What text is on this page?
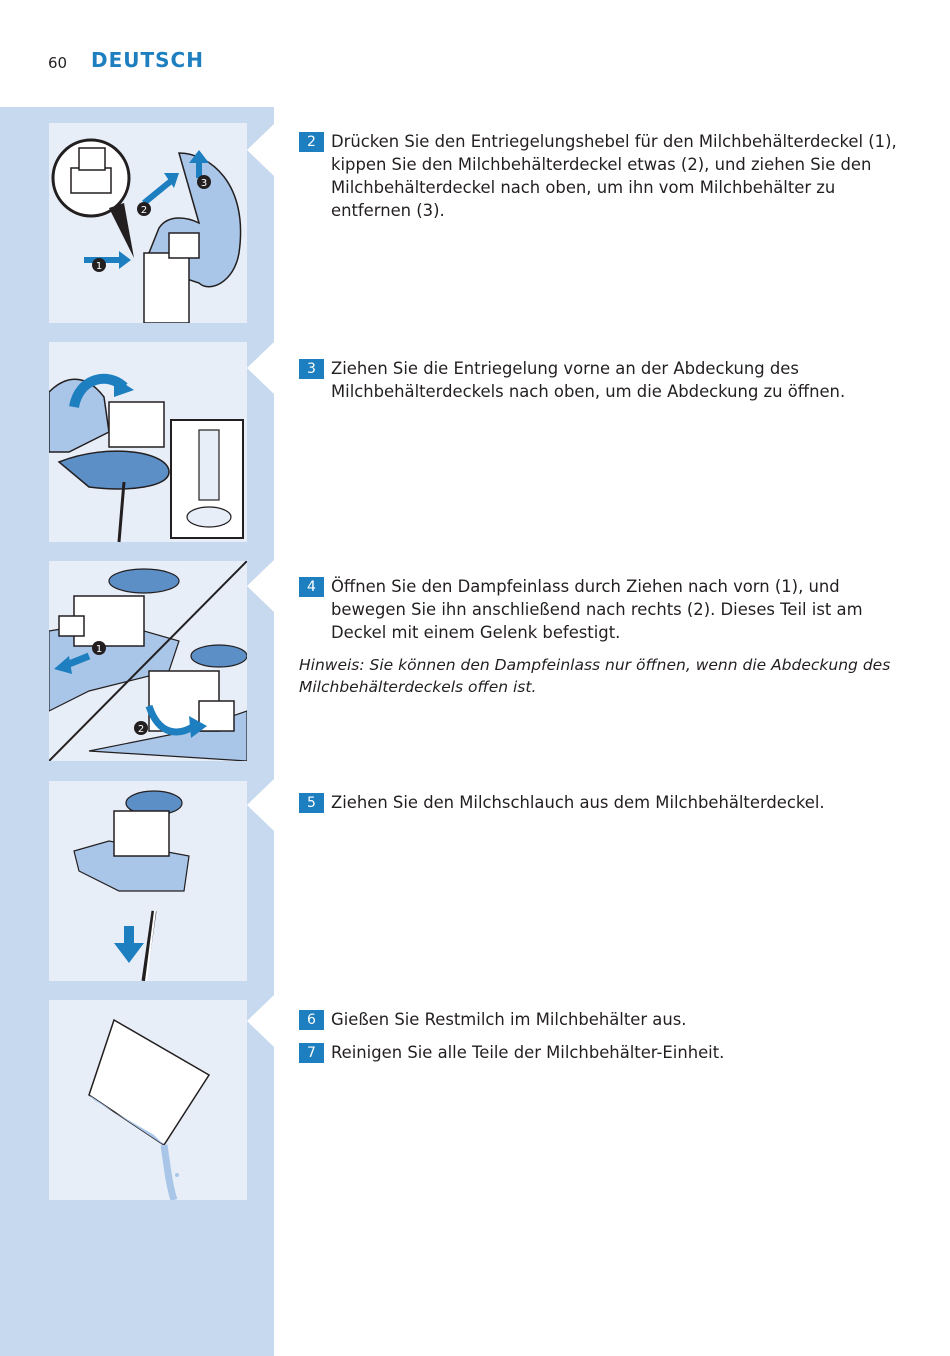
60 DEUTSCH
1
2
3
1
2
2 Drücken Sie den Entriegelungshebel für den Milchbehälterdeckel (1), kippen Sie den Milchbehälterdeckel etwas (2), und ziehen Sie den Milchbehälterdeckel nach oben, um ihn vom Milchbehälter zu entfernen (3).
3 Ziehen Sie die Entriegelung vorne an der Abdeckung des Milchbehälterdeckels nach oben, um die Abdeckung zu öffnen.
4 Öffnen Sie den Dampfeinlass durch Ziehen nach vorn (1), und bewegen Sie ihn anschließend nach rechts (2). Dieses Teil ist am Deckel mit einem Gelenk befestigt.
Hinweis: Sie können den Dampfeinlass nur öffnen, wenn die Abdeckung des Milchbehälterdeckels offen ist.
5 Ziehen Sie den Milchschlauch aus dem Milchbehälterdeckel.
6 Gießen Sie Restmilch im Milchbehälter aus.
7 Reinigen Sie alle Teile der Milchbehälter-Einheit.
